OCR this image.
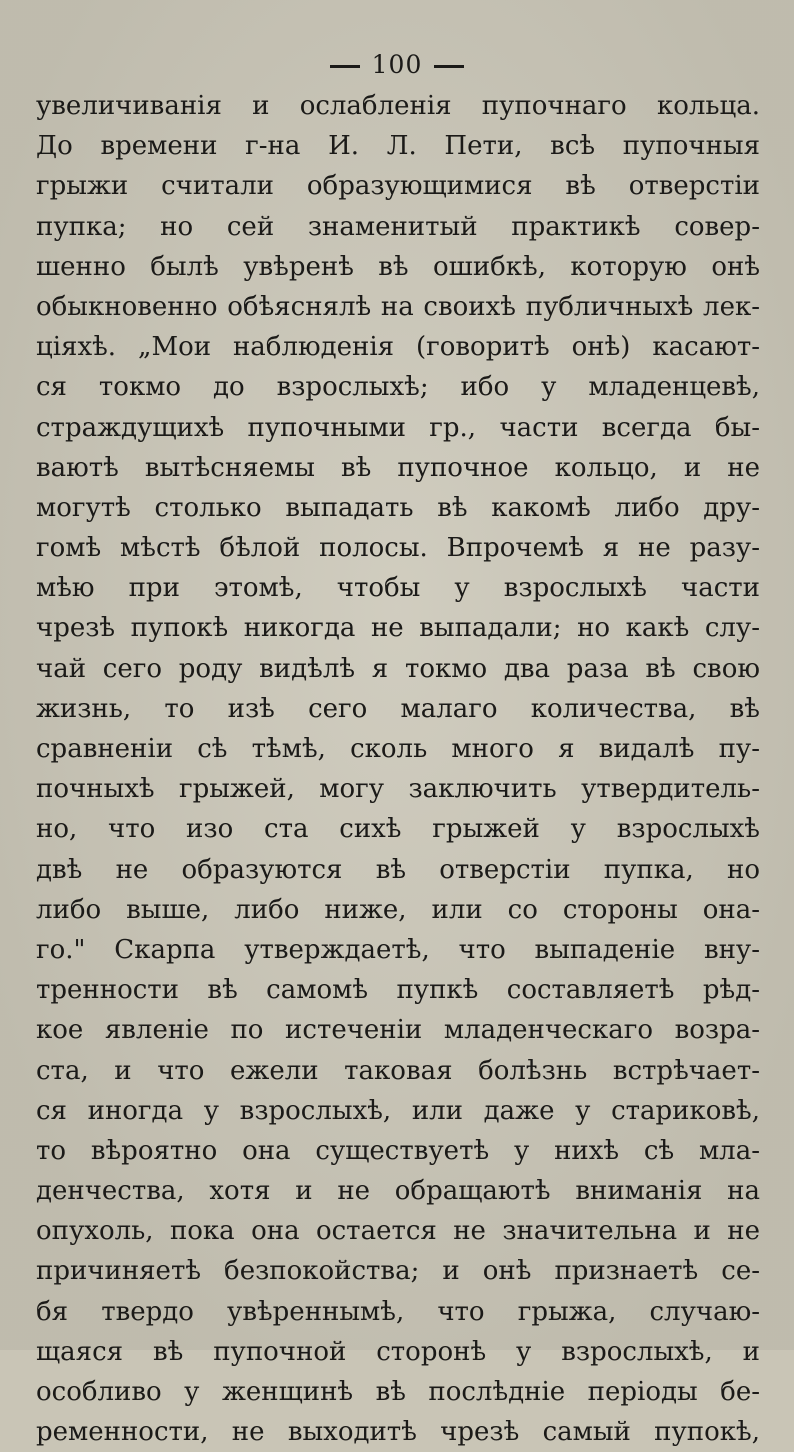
100
увеличиванія и ослабленія пупочнаго кольца.
До времени г-на И. Л. Пети, всѣ пупочныя
грыжи считали образующимися вѣ отверстіи
пупка; но сей знаменитый практикѣ совер-
шенно былѣ увѣренѣ вѣ ошибкѣ, которую онѣ
обыкновенно обѣяснялѣ на своихѣ публичныхѣ лек-
ціяхѣ. „Мои наблюденія (говоритѣ онѣ) касают-
ся токмо до взрослыхѣ; ибо у младенцевѣ,
страждущихѣ пупочными гр., части всегда бы-
ваютѣ вытѣсняемы вѣ пупочное кольцо, и не
могутѣ столько выпадать вѣ какомѣ либо дру-
гомѣ мѣстѣ бѣлой полосы. Впрочемѣ я не разу-
мѣю при этомѣ, чтобы у взрослыхѣ части
чрезѣ пупокѣ никогда не выпадали; но какѣ слу-
чай сего роду видѣлѣ я токмо два раза вѣ свою
жизнь, то изѣ сего малаго количества, вѣ
сравненіи сѣ тѣмѣ, сколь много я видалѣ пу-
почныхѣ грыжей, могу заключить утвердитель-
но, что изо ста сихѣ грыжей у взрослыхѣ
двѣ не образуются вѣ отверстіи пупка, но
либо выше, либо ниже, или со стороны она-
го." Скарпа утверждаетѣ, что выпаденіе вну-
тренности вѣ самомѣ пупкѣ составляетѣ рѣд-
кое явленіе по истеченіи младенческаго возра-
ста, и что ежели таковая болѣзнь встрѣчает-
ся иногда у взрослыхѣ, или даже у стариковѣ,
то вѣроятно она существуетѣ у нихѣ сѣ мла-
денчества, хотя и не обращаютѣ вниманія на
опухоль, пока она остается не значительна и не
причиняетѣ безпокойства; и онѣ признаетѣ се-
бя твердо увѣреннымѣ, что грыжа, случаю-
щаяся вѣ пупочной сторонѣ у взрослыхѣ, и
особливо у женщинѣ вѣ послѣдніе періоды бе-
ременности, не выходитѣ чрезѣ самый пупокѣ,
